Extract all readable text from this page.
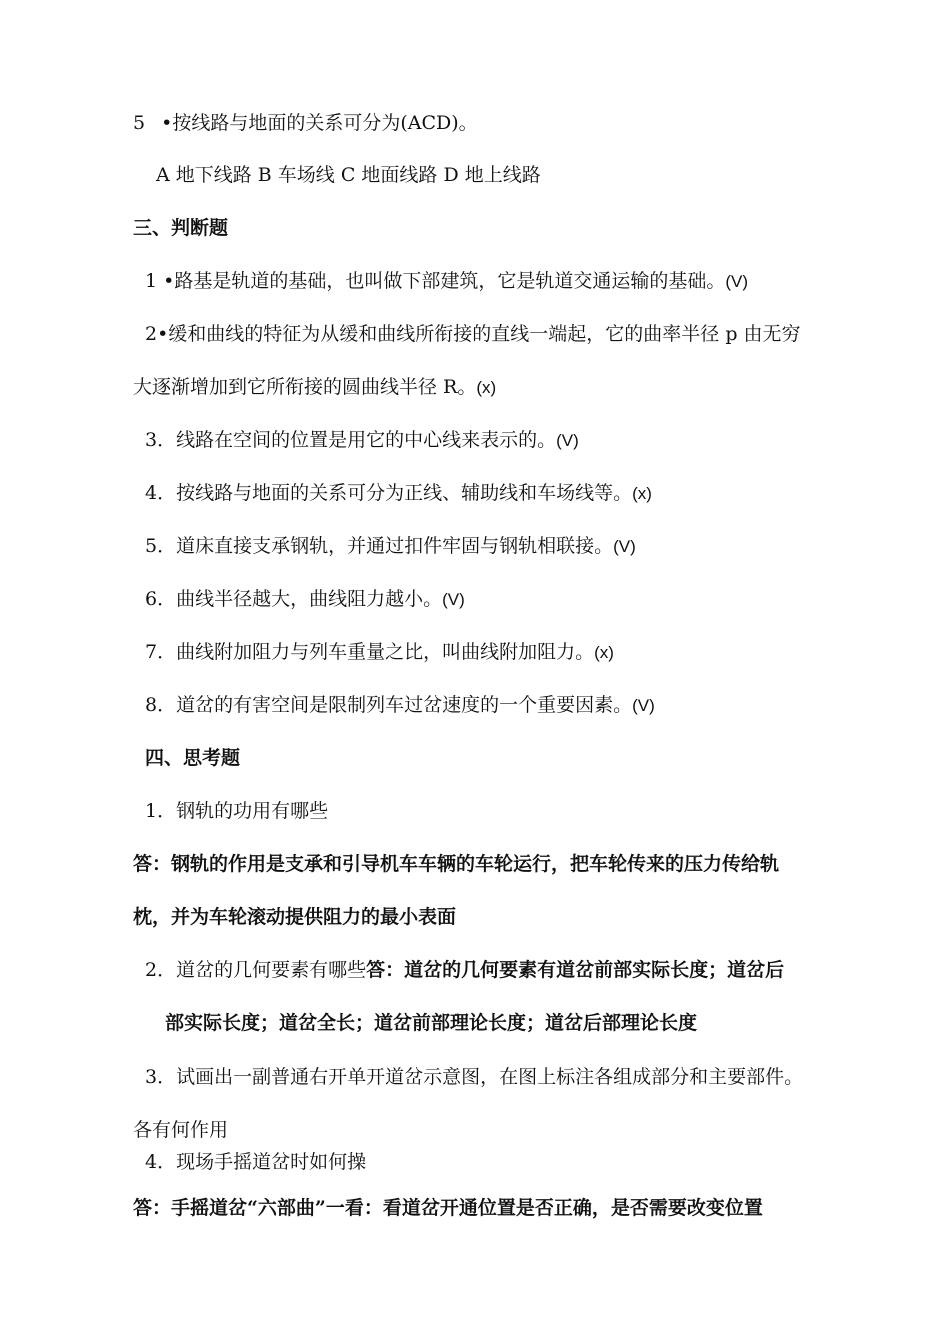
5 •按线路与地面的关系可分为(ACD)。
A 地下线路 B 车场线 C 地面线路 D 地上线路
三、判断题
1 •路基是轨道的基础，也叫做下部建筑，它是轨道交通运输的基础。(V)
2•缓和曲线的特征为从缓和曲线所衔接的直线一端起，它的曲率半径 p 由无穷
大逐渐增加到它所衔接的圆曲线半径 R。(x)
3．线路在空间的位置是用它的中心线来表示的。(V)
4．按线路与地面的关系可分为正线、辅助线和车场线等。(x)
5．道床直接支承钢轨，并通过扣件牢固与钢轨相联接。(V)
6．曲线半径越大，曲线阻力越小。(V)
7．曲线附加阻力与列车重量之比，叫曲线附加阻力。(x)
8．道岔的有害空间是限制列车过岔速度的一个重要因素。(V)
四、思考题
1．钢轨的功用有哪些
答：钢轨的作用是支承和引导机车车辆的车轮运行，把车轮传来的压力传给轨
枕，并为车轮滚动提供阻力的最小表面
2．道岔的几何要素有哪些答：道岔的几何要素有道岔前部实际长度；道岔后
部实际长度；道岔全长；道岔前部理论长度；道岔后部理论长度
3．试画出一副普通右开单开道岔示意图，在图上标注各组成部分和主要部件。
各有何作用
4．现场手摇道岔时如何操
答：手摇道岔“六部曲”一看：看道岔开通位置是否正确，是否需要改变位置
